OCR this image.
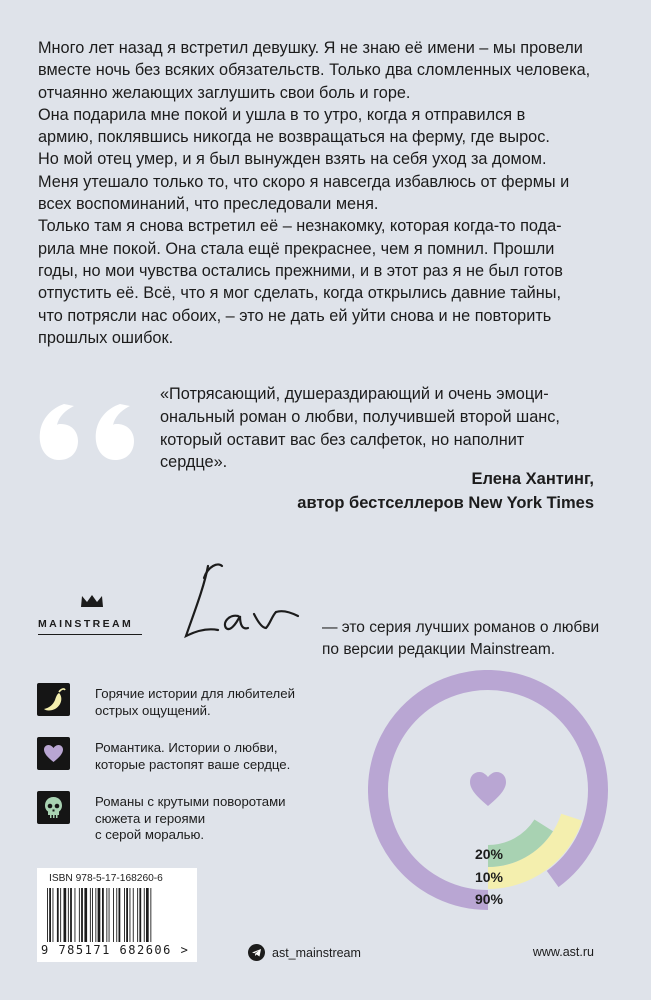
Много лет назад я встретил девушку. Я не знаю её имени – мы провели

вместе ночь без всяких обязательств. Только два сломленных человека,

отчаянно желающих заглушить свои боль и горе.

Она подарила мне покой и ушла в то утро, когда я отправился в

армию, поклявшись никогда не возвращаться на ферму, где вырос.

Но мой отец умер, и я был вынужден взять на себя уход за домом.

Меня утешало только то, что скоро я навсегда избавлюсь от фермы и

всех воспоминаний, что преследовали меня.

Только там я снова встретил её – незнакомку, которая когда-то пода-

рила мне покой. Она стала ещё прекраснее, чем я помнил. Прошли

годы, но мои чувства остались прежними, и в этот раз я не был готов

отпустить её. Всё, что я мог сделать, когда открылись давние тайны,

что потрясли нас обоих, – это не дать ей уйти снова и не повторить

прошлых ошибок.

«Потрясающий, душераздирающий и очень эмоци-
ональный роман о любви, получившей второй шанс,
который оставит вас без салфеток, но наполнит
сердце».
Елена Хантинг,
автор бестселлеров New York Times
MAINSTREAM	— это серия лучших романов о любви
по версии редакции Mainstream.
Горячие истории для любителей
острых ощущений.
Романтика. Истории о любви,
которые растопят ваше сердце.
Романы с крутыми поворотами
сюжета и героями
с серой моралью.
20%
10%
90%
ISBN 978-5-17-168260-6
9 785171 682606 >	ast_mainstream	www.ast.ru
